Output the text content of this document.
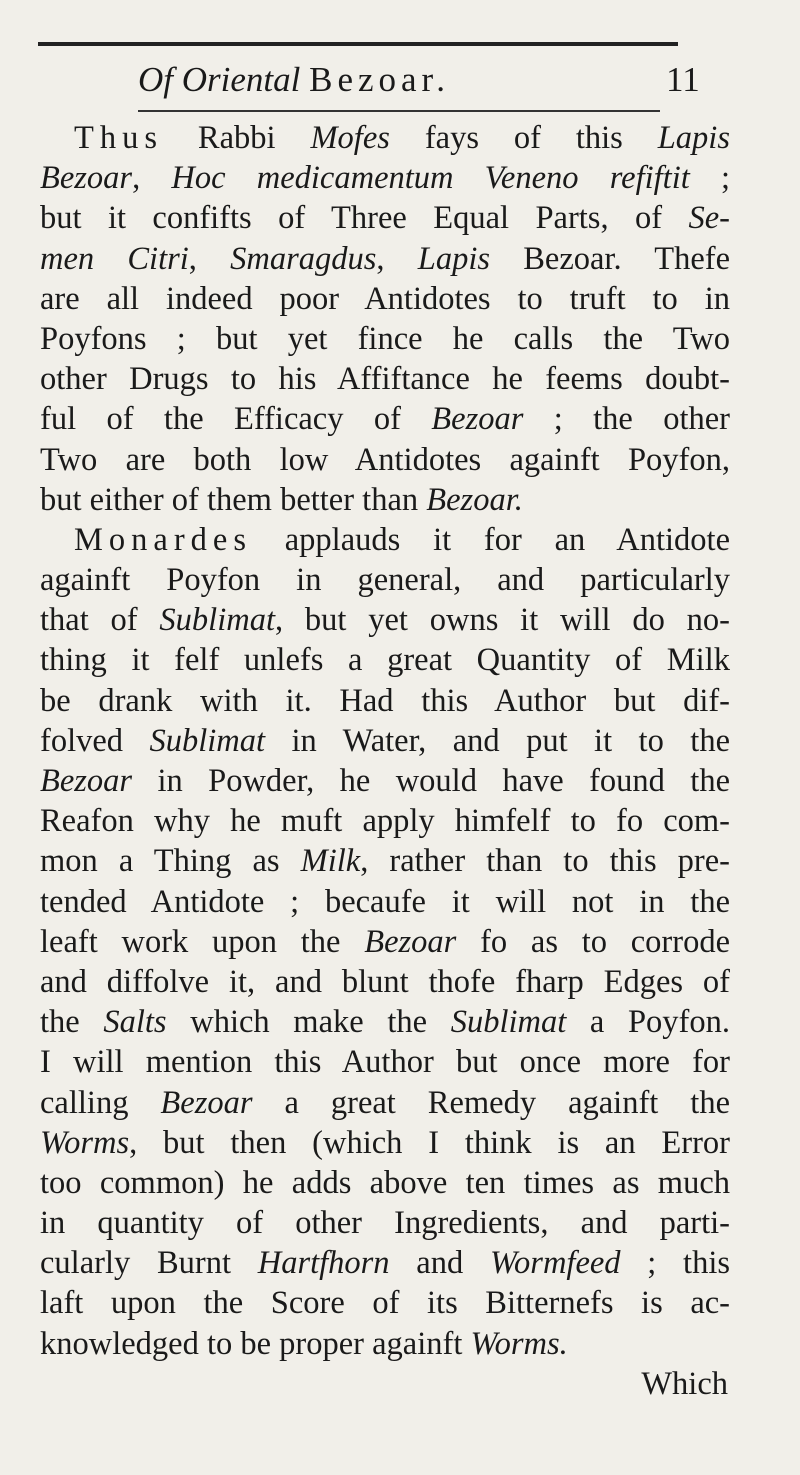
Of Oriental Bezoar.	11
Thus Rabbi Mofes fays of this Lapis
Bezoar, Hoc medicamentum Veneno refiftit ;
but it confifts of Three Equal Parts, of Se-
men Citri, Smaragdus, Lapis Bezoar. Thefe
are all indeed poor Antidotes to truft to in
Poyfons ; but yet fince he calls the Two
other Drugs to his Affiftance he feems doubt-
ful of the Efficacy of Bezoar ; the other
Two are both low Antidotes againft Poyfon,
but either of them better than Bezoar.
Monardes applauds it for an Antidote
againft Poyfon in general, and particularly
that of Sublimat, but yet owns it will do no-
thing it felf unlefs a great Quantity of Milk
be drank with it. Had this Author but dif-
folved Sublimat in Water, and put it to the
Bezoar in Powder, he would have found the
Reafon why he muft apply himfelf to fo com-
mon a Thing as Milk, rather than to this pre-
tended Antidote ; becaufe it will not in the
leaft work upon the Bezoar fo as to corrode
and diffolve it, and blunt thofe fharp Edges of
the Salts which make the Sublimat a Poyfon.
I will mention this Author but once more for
calling Bezoar a great Remedy againft the
Worms, but then (which I think is an Error
too common) he adds above ten times as much
in quantity of other Ingredients, and parti-
cularly Burnt Hartfhorn and Wormfeed ; this
laft upon the Score of its Bitternefs is ac-
knowledged to be proper againft Worms.
Which
